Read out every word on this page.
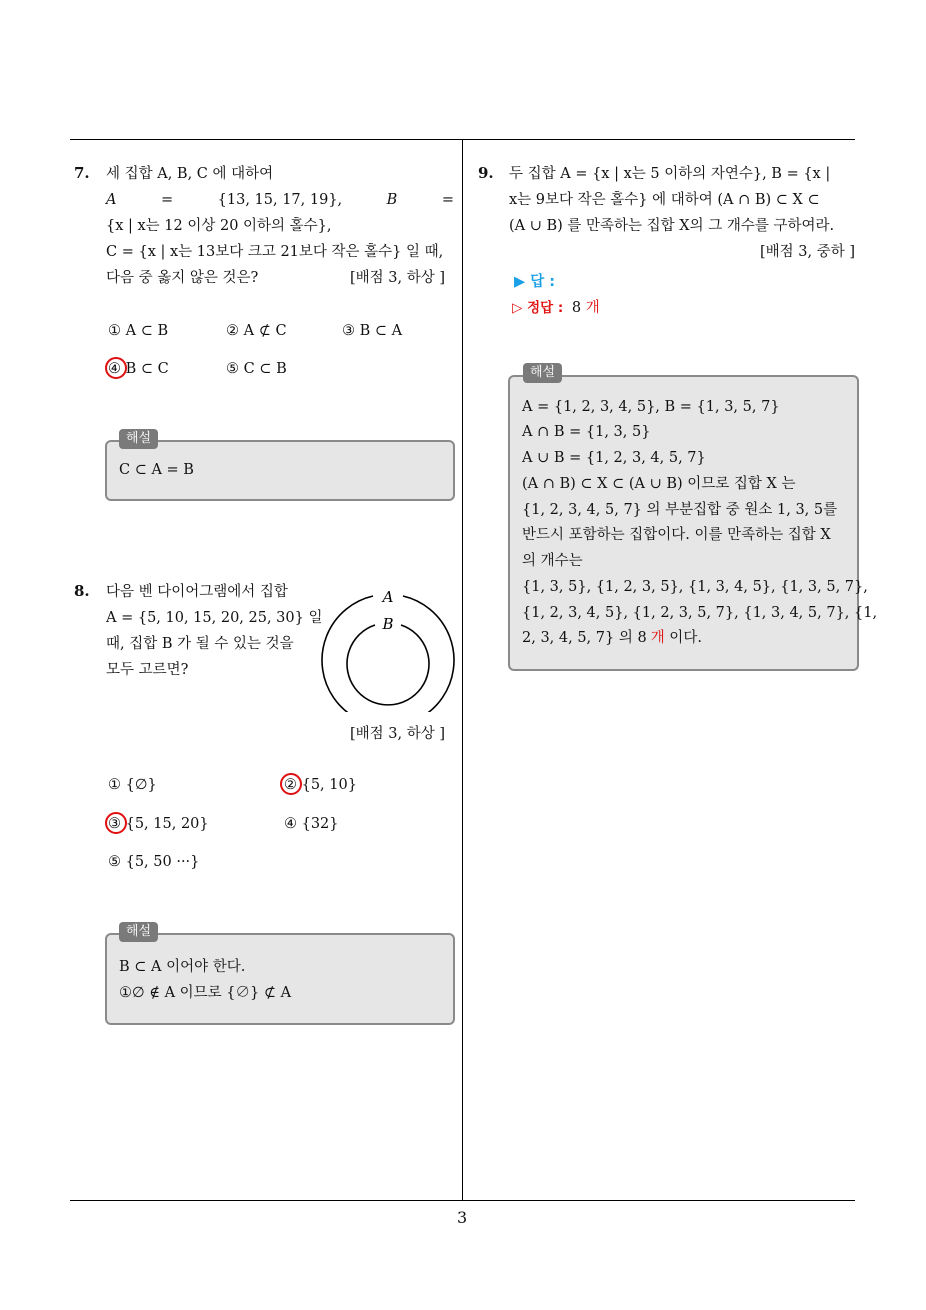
7. 세 집합 A, B, C 에 대하여
A	=	{13, 15, 17, 19},	B	=
{x | x는 12 이상 20 이하의 홀수},
C = {x | x는 13보다 크고 21보다 작은 홀수} 일 때,
다음 중 옳지 않은 것은?	[배점 3, 하상 ]
① A ⊂ B	② A ⊄ C	③ B ⊂ A
④ B ⊂ C	⑤ C ⊂ B
C ⊂ A = B
해설
8. 다음 벤 다이어그램에서 집합
A = {5, 10, 15, 20, 25, 30} 일
때, 집합 B 가 될 수 있는 것을
모두 고르면?
A
B
[배점 3, 하상 ]
① {∅}	② {5, 10}
③ {5, 15, 20}	④ {32}
⑤ {5, 50 ···}
B ⊂ A 이어야 한다.
①∅ ∉ A 이므로 {∅} ⊄ A
해설
9. 두 집합 A = {x | x는 5 이하의 자연수}, B = {x |
x는 9보다 작은 홀수} 에 대하여 (A ∩ B) ⊂ X ⊂
(A ∪ B) 를 만족하는 집합 X의 그 개수를 구하여라.
[배점 3, 중하 ]
▶ 답 :
▷ 정답 : 8 개
A = {1, 2, 3, 4, 5}, B = {1, 3, 5, 7}
A ∩ B = {1, 3, 5}
A ∪ B = {1, 2, 3, 4, 5, 7}
(A ∩ B) ⊂ X ⊂ (A ∪ B) 이므로 집합 X 는
{1, 2, 3, 4, 5, 7} 의 부분집합 중 원소 1, 3, 5를
반드시 포함하는 집합이다. 이를 만족하는 집합 X
의 개수는
{1, 3, 5}, {1, 2, 3, 5}, {1, 3, 4, 5}, {1, 3, 5, 7},
{1, 2, 3, 4, 5}, {1, 2, 3, 5, 7}, {1, 3, 4, 5, 7}, {1,
2, 3, 4, 5, 7} 의 8 개 이다.
해설
3
